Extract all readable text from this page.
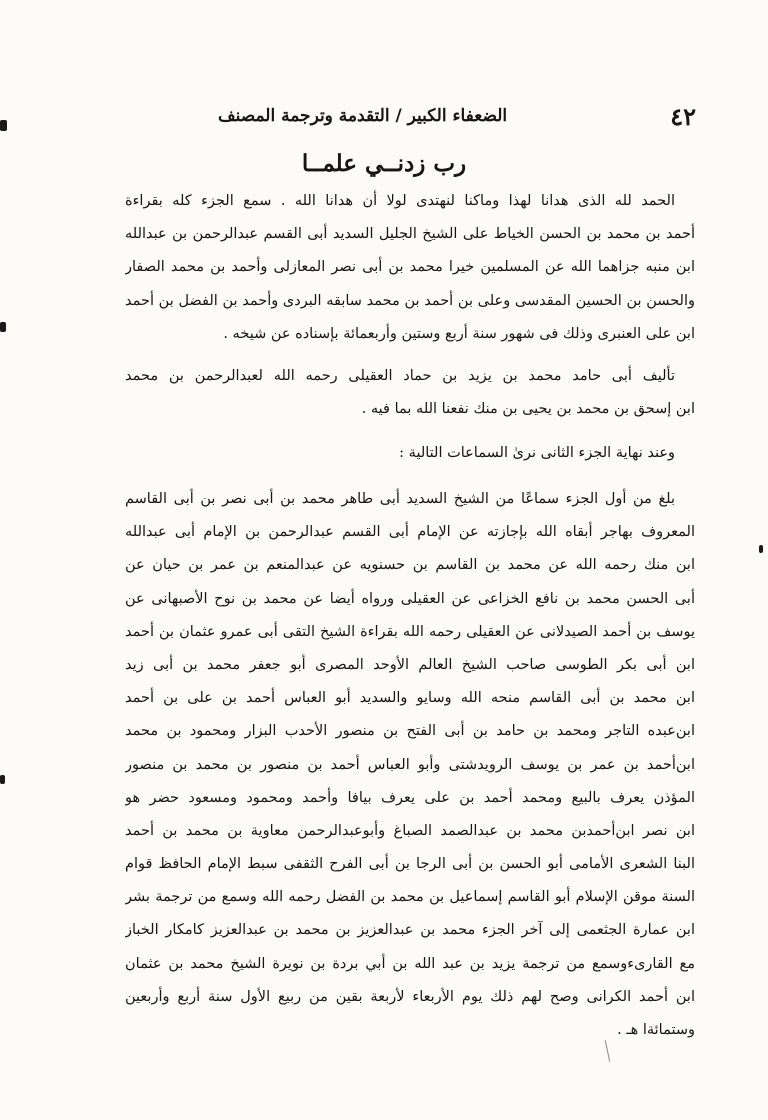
٤٢
الضعفاء الكبير / التقدمة وترجمة المصنف
رب زدنــي علمــا
الحمد لله الذى هدانا لهذا وماكنا لنهتدى لولا أن هدانا الله . سمع الجزء كله بقراءة
أحمد بن محمد بن الحسن الخياط على الشيخ الجليل السديد أبى القسم عبدالرحمن بن عبدالله
ابن منبه جزاهما الله عن المسلمين خيرا محمد بن أبى نصر المعازلى وأحمد بن محمد الصفار
والحسن بن الحسين المقدسى وعلى بن أحمد بن محمد سابقه البردى وأحمد بن الفضل بن أحمد
ابن على العنبرى وذلك فى شهور سنة أربع وستين وأربعمائة بإسناده عن شيخه .
تأليف أبى حامد محمد بن يزيد بن حماد العقيلى رحمه الله لعبدالرحمن بن محمد
ابن إسحق بن محمد بن يحيى بن منك نفعنا الله بما فيه .
وعند نهاية الجزء الثانى نرىٰ السماعات التالية :
بلغ من أول الجزء سماعًا من الشيخ السديد أبى طاهر محمد بن أبى نصر بن أبى القاسم
المعروف بهاجر أبقاه الله بإجازته عن الإمام أبى القسم عبدالرحمن بن الإمام أبى عبدالله
ابن منك رحمه الله عن محمد بن القاسم بن حسنويه عن عبدالمنعم بن عمر بن حيان عن
أبى الحسن محمد بن نافع الخزاعى عن العقيلى ورواه أيضا عن محمد بن نوح الأصبهانى عن
يوسف بن أحمد الصيدلانى عن العقيلى رحمه الله بقراءة الشيخ التقى أبى عمرو عثمان بن أحمد
ابن أبى بكر الطوسى صاحب الشيخ العالم الأوحد المصرى أبو جعفر محمد بن أبى زيد
ابن محمد بن أبى القاسم منحه الله وسايو والسديد أبو العباس أحمد بن على بن أحمد
ابن‌عبده التاجر ومحمد بن حامد بن أبى الفتح بن منصور الأحدب البزار ومحمود بن محمد
ابن‌أحمد بن عمر بن يوسف الرويدشتى وأبو العباس أحمد بن منصور بن محمد بن منصور
المؤذن يعرف بالبيع ومحمد أحمد بن على يعرف بيافا وأحمد ومحمود ومسعود حضر هو
ابن نصر ابن‌أحمد‌بن محمد بن عبدالصمد الصباغ وأبوعبدالرحمن معاوية بن محمد بن أحمد
البنا الشعرى الأمامى أبو الحسن بن أبى الرجا بن أبى الفرح الثقفى سبط الإمام الحافظ قوام
السنة موقن الإسلام أبو القاسم إسماعيل بن محمد بن الفضل رحمه الله وسمع من ترجمة بشر
ابن عمارة الجثعمى إلى آخر الجزء محمد بن عبدالعزيز بن محمد بن عبدالعزيز كامكار الخباز
مع القارىءوسمع من ترجمة يزيد بن عبد الله بن أبي بردة بن نويرة الشيخ محمد بن عثمان
ابن أحمد الكرانى وصح لهم ذلك يوم الأربعاء لأربعة بقين من ربيع الأول سنة أربع وأربعين
وستمائةا هـ .
